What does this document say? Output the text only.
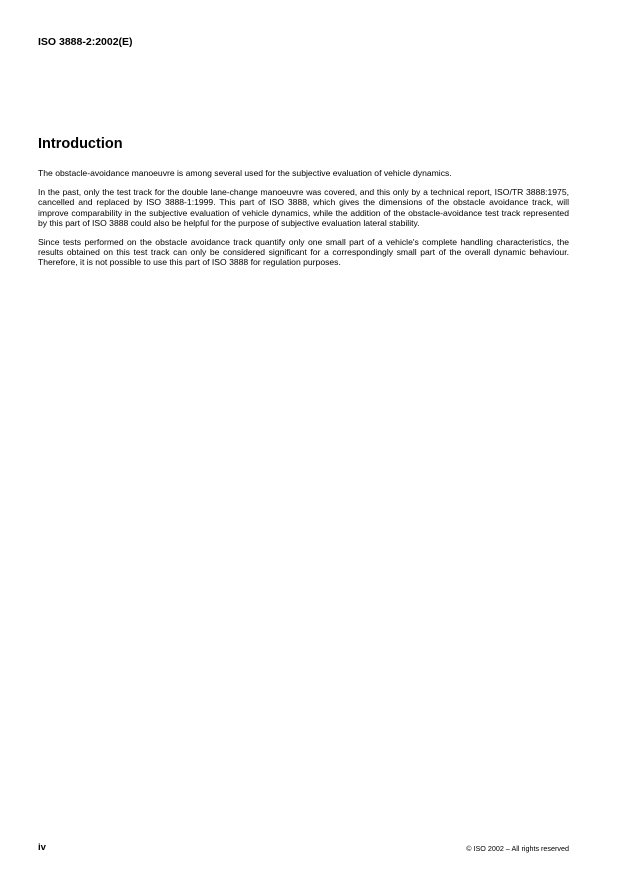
ISO 3888-2:2002(E)
Introduction

The obstacle-avoidance manoeuvre is among several used for the subjective evaluation of vehicle dynamics.

In the past, only the test track for the double lane-change manoeuvre was covered, and this only by a technical report, ISO/TR 3888:1975, cancelled and replaced by ISO 3888-1:1999. This part of ISO 3888, which gives the dimensions of the obstacle avoidance track, will improve comparability in the subjective evaluation of vehicle dynamics, while the addition of the obstacle-avoidance test track represented by this part of ISO 3888 could also be helpful for the purpose of subjective evaluation lateral stability.

Since tests performed on the obstacle avoidance track quantify only one small part of a vehicle's complete handling characteristics, the results obtained on this test track can only be considered significant for a correspondingly small part of the overall dynamic behaviour. Therefore, it is not possible to use this part of ISO 3888 for regulation purposes.

iv	© ISO 2002 – All rights reserved
